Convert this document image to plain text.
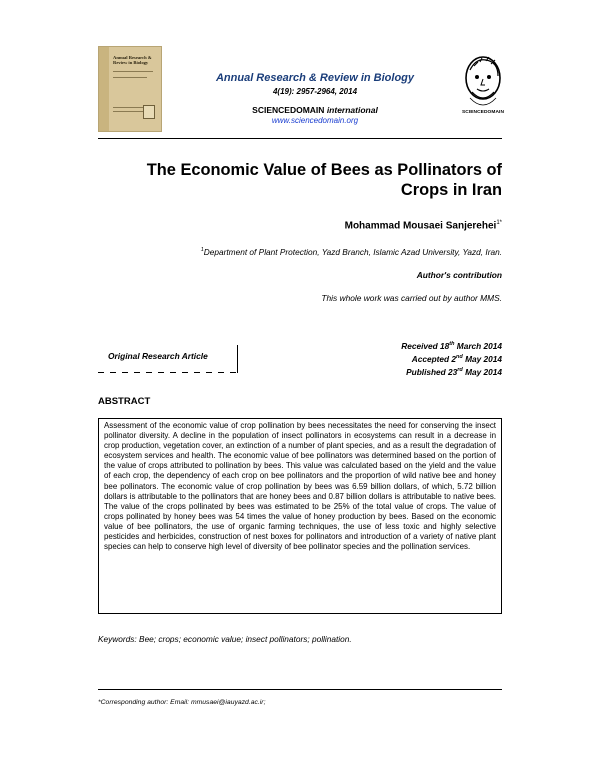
Annual Research & Review in Biology
Annual Research & Review in Biology
4(19): 2957-2964, 2014
SCIENCEDOMAIN international
www.sciencedomain.org
SCIENCEDOMAIN
The Economic Value of Bees as Pollinators of
Crops in Iran
Mohammad Mousaei Sanjerehei$^{1*}$
$^1$Department of Plant Protection, Yazd Branch, Islamic Azad University, Yazd, Iran.
Author's contribution
This whole work was carried out by author MMS.
Original Research Article
Received 18th March 2014
Accepted 2nd May 2014
Published 23rd May 2014
ABSTRACT
Assessment of the economic value of crop pollination by bees necessitates the need for conserving the insect pollinator diversity. A decline in the population of insect pollinators in ecosystems can result in a decrease in crop production, vegetation cover, an extinction of a number of plant species, and as a result the degradation of ecosystem services and health. The economic value of bee pollinators was determined based on the portion of the value of crops attributed to pollination by bees. This value was calculated based on the yield and the value of each crop, the dependency of each crop on bee pollinators and the proportion of wild native bee and honey bee pollinators. The economic value of crop pollination by bees was 6.59 billion dollars, of which, 5.72 billion dollars is attributable to the pollinators that are honey bees and 0.87 billion dollars is attributable to native bees. The value of the crops pollinated by bees was estimated to be 25% of the total value of crops. The value of crops pollinated by honey bees was 54 times the value of honey production by bees. Based on the economic value of bee pollinators, the use of organic farming techniques, the use of less toxic and highly selective pesticides and herbicides, construction of nest boxes for pollinators and introduction of a variety of native plant species can help to conserve high level of diversity of bee pollinator species and the pollination services.
Keywords: Bee; crops; economic value; insect pollinators; pollination.
*Corresponding author: Email: mmusaei@iauyazd.ac.ir;
